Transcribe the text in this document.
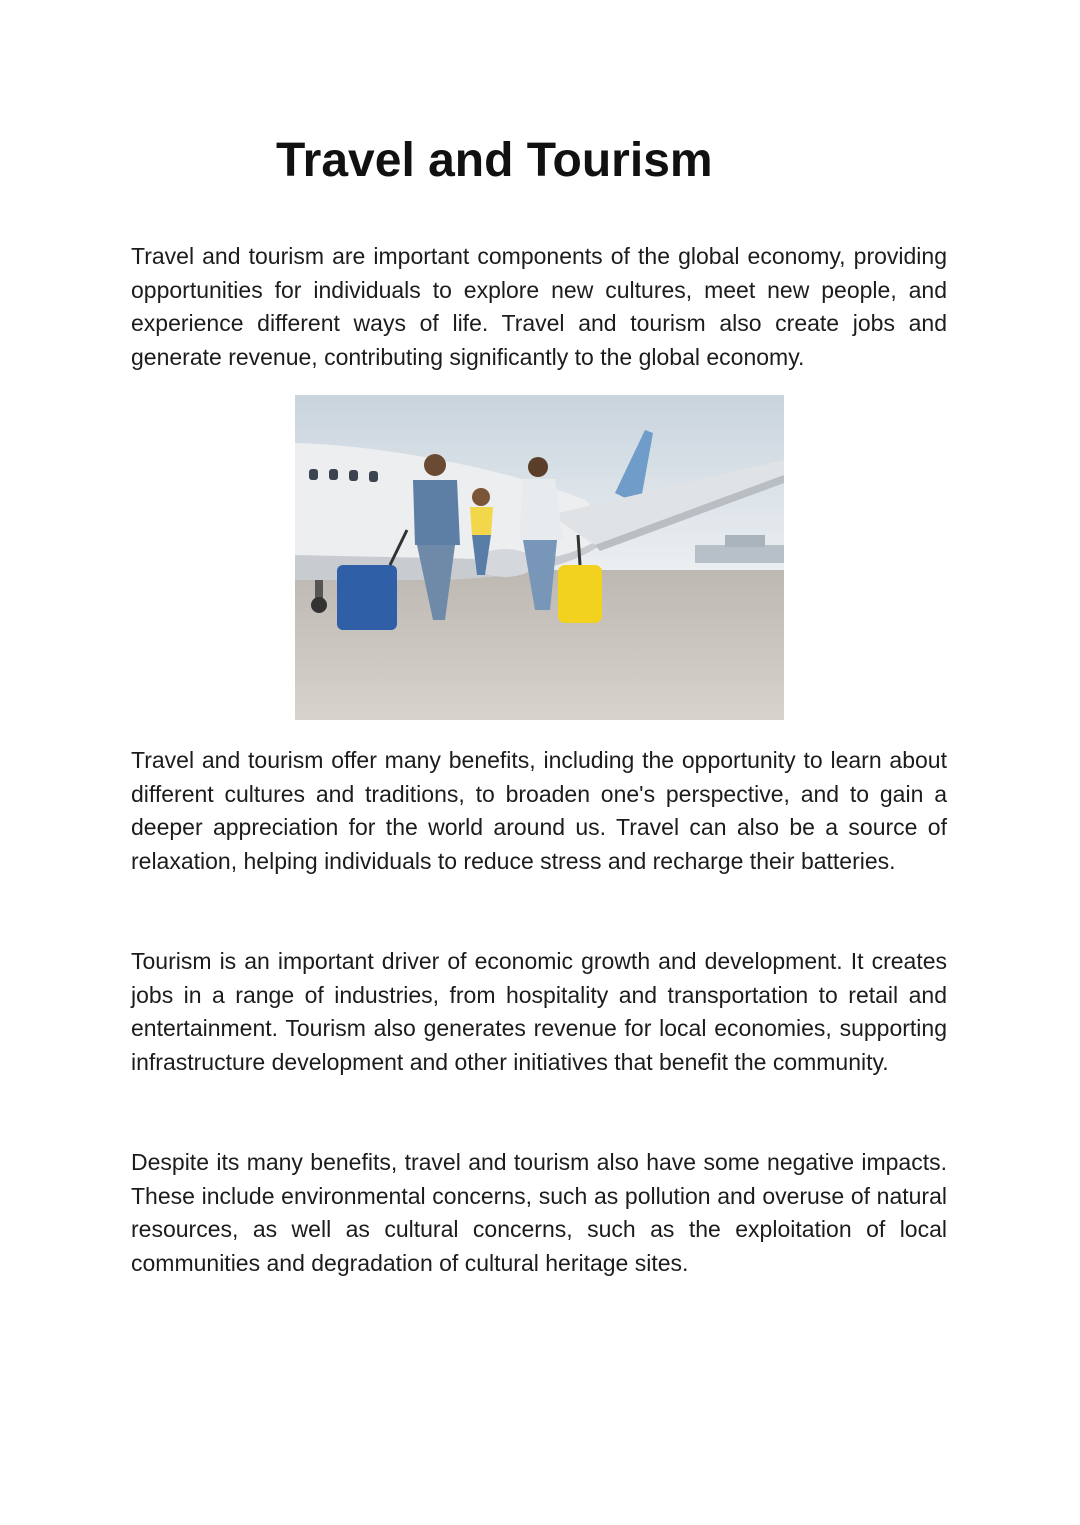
Travel and Tourism

Travel and tourism are important components of the global economy, providing opportunities for individuals to explore new cultures, meet new people, and experience different ways of life. Travel and tourism also create jobs and generate revenue, contributing significantly to the global economy.

Travel and tourism offer many benefits, including the opportunity to learn about different cultures and traditions, to broaden one's perspective, and to gain a deeper appreciation for the world around us. Travel can also be a source of relaxation, helping individuals to reduce stress and recharge their batteries.

Tourism is an important driver of economic growth and development. It creates jobs in a range of industries, from hospitality and transportation to retail and entertainment. Tourism also generates revenue for local economies, supporting infrastructure development and other initiatives that benefit the community.

Despite its many benefits, travel and tourism also have some negative impacts. These include environmental concerns, such as pollution and overuse of natural resources, as well as cultural concerns, such as the exploitation of local communities and degradation of cultural heritage sites.
